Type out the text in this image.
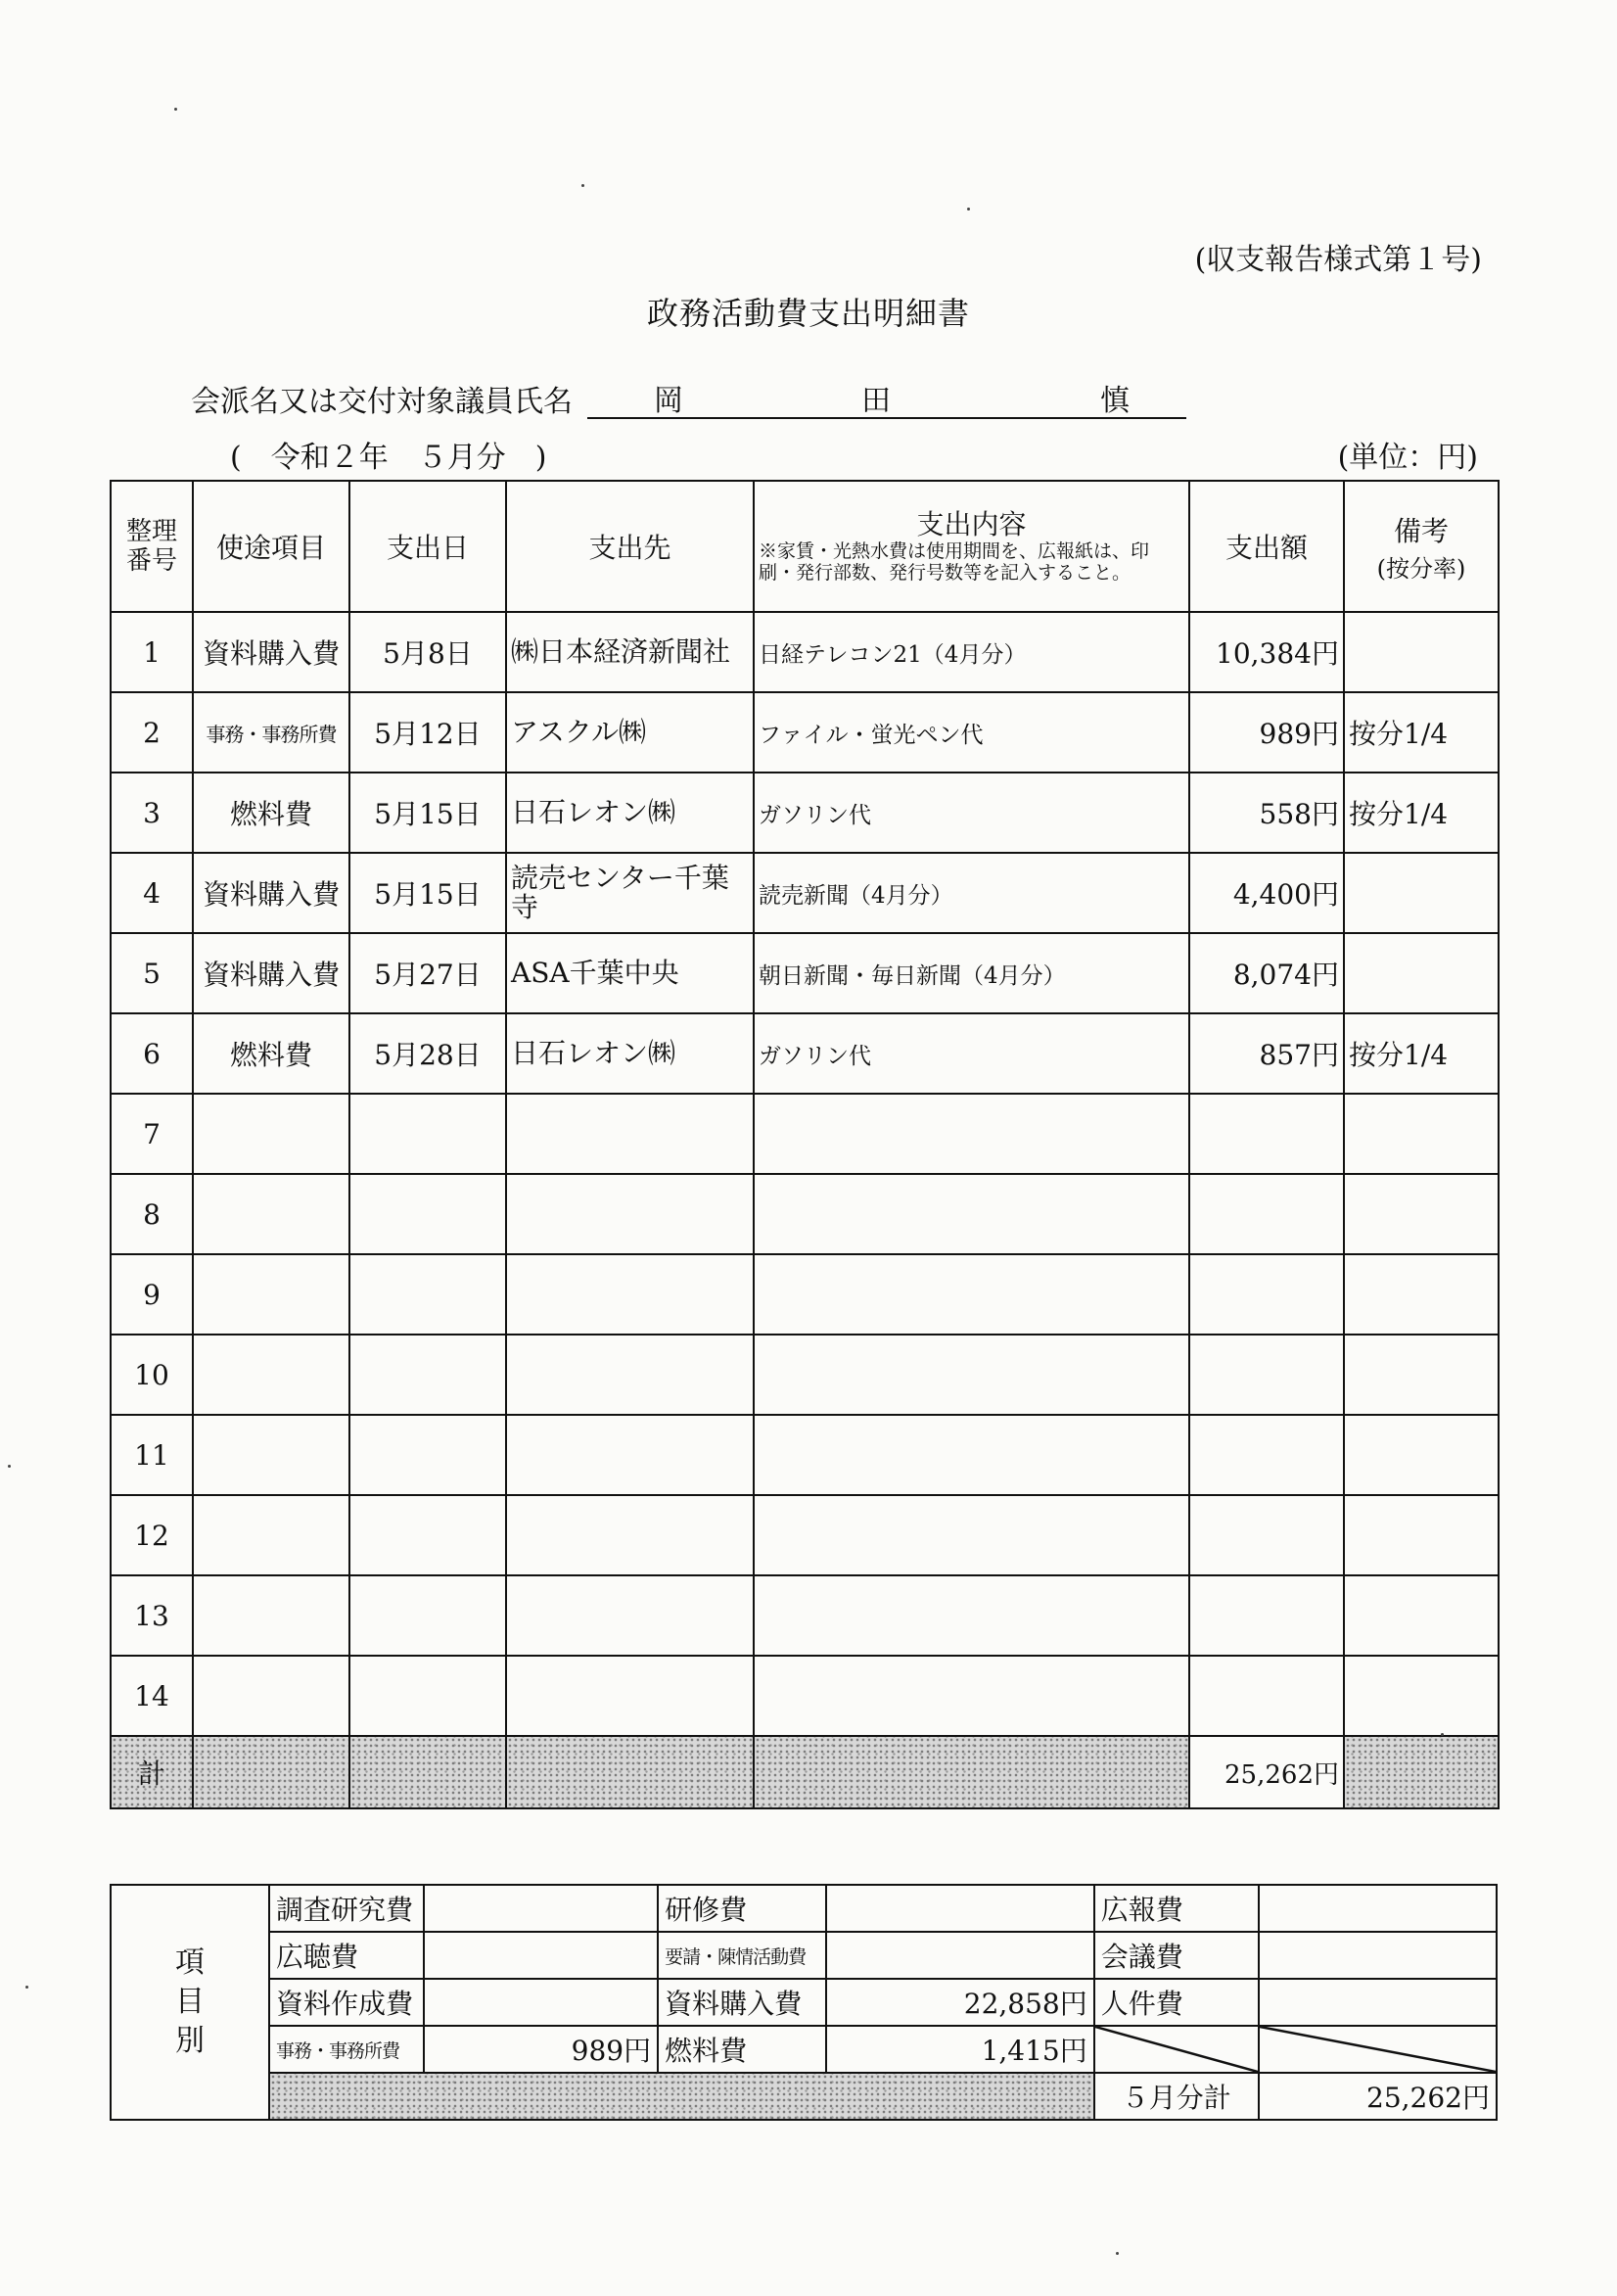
(収支報告様式第１号)
政務活動費支出明細書
会派名又は交付対象議員氏名	岡	田	慎
(　令和２年　５月分　)	(単位：円)
整理番号	使途項目	支出日	支出先	支出内容
※家賃・光熱水費は使用期間を、広報紙は、印刷・発行部数、発行号数等を記入すること。	支出額	備考
(按分率)

1	資料購入費	5月8日	㈱日本経済新聞社	日経テレコン21（4月分）	10,384円	
2	事務・事務所費	5月12日	アスクル㈱	ファイル・蛍光ペン代	989円	按分1/4
3	燃料費	5月15日	日石レオン㈱	ガソリン代	558円	按分1/4
4	資料購入費	5月15日	読売センター千葉寺	読売新聞（4月分）	4,400円	
5	資料購入費	5月27日	ASA千葉中央	朝日新聞・毎日新聞（4月分）	8,074円	
6	燃料費	5月28日	日石レオン㈱	ガソリン代	857円	按分1/4
7						
8						
9						
10						
11						
12						
13						
14						
計					25,262円	
項
目
別	調査研究費		研修費		広報費	
	広聴費		要請・陳情活動費		会議費	
	資料作成費		資料購入費	22,858円	人件費	
	事務・事務所費	989円	燃料費	1,415円		
					５月分計	25,262円
